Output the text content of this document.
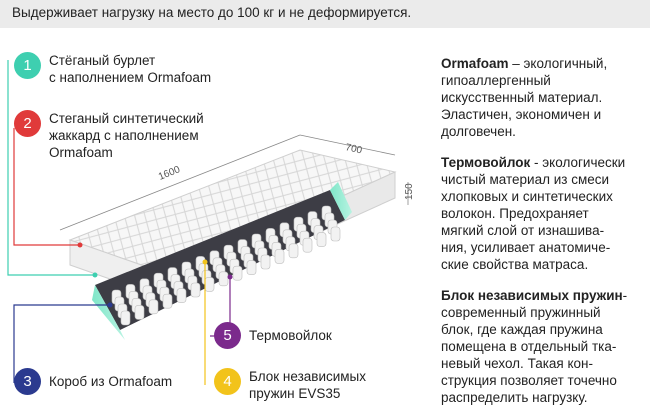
Выдерживает нагрузку на место до 100 кг и не деформируется.
1600
700
150
1	Стёганый бурлет
с наполнением Ormafoam
2	Стеганый синтетический
жаккард с наполнением
Ormafoam
3	Короб из Ormafoam	4	Блок независимых
пружин EVS35
5	Термовойлок
Ormafoam – экологичный,
гипоаллергенный
искусственный материал.
Эластичен, экономичен и
долговечен.
Термовойлок - экологически
чистый материал из смеси
хлопковых и синтетических
волокон. Предохраняет
мягкий слой от изнашива-
ния, усиливает анатомиче-
ские свойства матраса.
Блок независимых пружин-современный пружинный
блок, где каждая пружина
помещена в отдельный тка-
невый чехол. Такая кон-
струкция позволяет точечно
распределить нагрузку.
